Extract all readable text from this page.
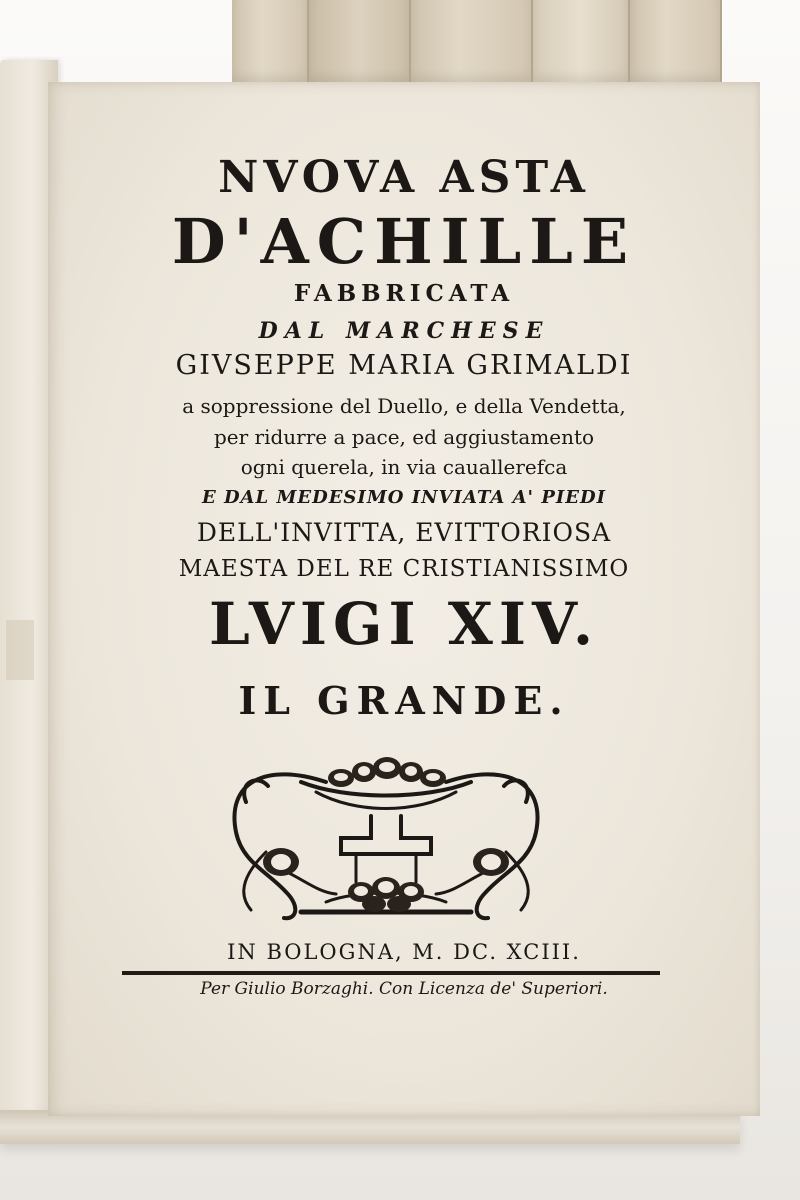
NVOVA ASTA
D'ACHILLE
FABBRICATA
DAL MARCHESE
GIVSEPPE MARIA GRIMALDI
a soppressione del Duello, e della Vendetta,
per ridurre a pace, ed aggiustamento
ogni querela, in via cauallerefca
E DAL MEDESIMO INVIATA A' PIEDI
DELL'INVITTA, EVITTORIOSA
MAESTA DEL RE CRISTIANISSIMO
LVIGI XIV.
IL GRANDE.
IN BOLOGNA, M. DC. XCIII.
Per Giulio Borzaghi. Con Licenza de' Superiori.
